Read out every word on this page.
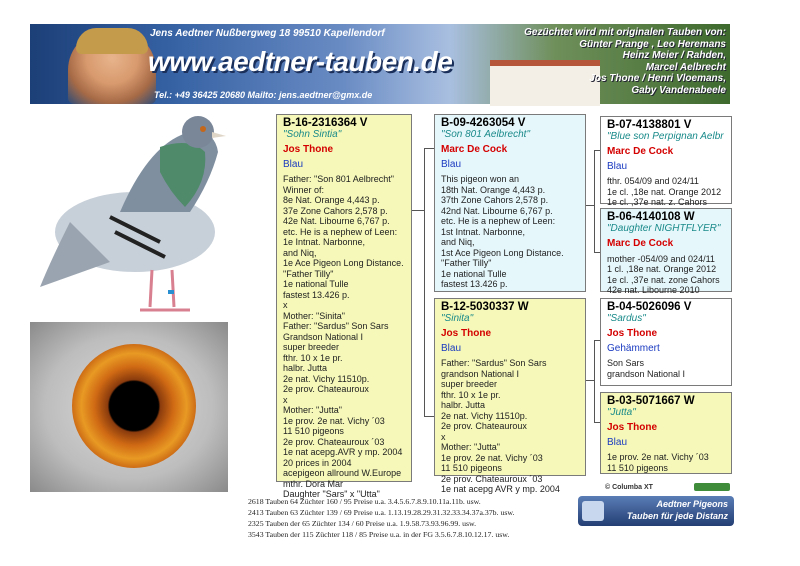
Jens Aedtner Nußbergweg 18 99510 Kapellendorf
www.aedtner-tauben.de
Tel.: +49 36425 20680 Mailto: jens.aedtner@gmx.de
Gezüchtet wird mit originalen Tauben von:
Günter Prange , Leo Heremans
Heinz Meier / Rahden,
Marcel Aelbrecht
Jos Thone / Henri Vloemans,
Gaby Vandenabeele
B-16-2316364 V
"Sohn Sintia"
Jos Thone
Blau
Father: "Son 801 Aelbrecht"
Winner of:
8e Nat. Orange 4,443 p.
37e Zone Cahors 2,578 p.
42e Nat. Libourne 6,767 p.
etc. He is a nephew of Leen:
1e Intnat. Narbonne,
and Niq,
1e Ace Pigeon Long Distance.
"Father Tilly"
1e national Tulle
fastest 13.426 p.
x
Mother: "Sinita"
Father: "Sardus" Son Sars
Grandson National I
super breeder
fthr. 10 x 1e pr.
halbr. Jutta
2e nat. Vichy 11510p.
2e prov. Chateauroux
x
Mother: "Jutta"
1e prov. 2e nat. Vichy ´03
11 510 pigeons
2e prov. Chateauroux ´03
1e nat acepg.AVR y mp. 2004
20 prices in 2004
acepigeon allround W.Europe
mthr. Dora Mar
Daughter "Sars" x "Utta"
B-09-4263054 V
"Son 801 Aelbrecht"
Marc De Cock
Blau
This pigeon won an
18th Nat. Orange 4,443 p.
37th Zone Cahors 2,578 p.
42nd Nat. Libourne 6,767 p.
etc. He is a nephew of Leen:
1st Intnat. Narbonne,
and Niq,
1st Ace Pigeon Long Distance.
"Father Tilly"
1e national Tulle
fastest 13.426 p.
B-12-5030337 W
"Sinita"
Jos Thone
Blau
Father: "Sardus" Son Sars
grandson National I
super breeder
fthr. 10 x 1e pr.
halbr. Jutta
2e nat. Vichy 11510p.
2e prov. Chateauroux
x
Mother: "Jutta"
1e prov. 2e nat. Vichy ´03
11 510 pigeons
2e prov. Chateauroux ´03
1e nat acepg AVR y mp. 2004
B-07-4138801 V
"Blue son Perpignan Aelbr
Marc De Cock
Blau
fthr. 054/09 and 024/11
1e cl. ,18e nat. Orange 2012
1e cl. ,37e nat. z. Cahors
B-06-4140108 W
"Daughter NIGHTFLYER"
Marc De Cock
mother -054/09 and 024/11
1 cl. ,18e nat. Orange 2012
1e cl. ,37e nat. zone Cahors
42e nat. Libourne 2010
B-04-5026096 V
"Sardus"
Jos Thone
Gehämmert
Son Sars
grandson National I
B-03-5071667 W
"Jutta"
Jos Thone
Blau
1e prov. 2e nat. Vichy ´03
11 510 pigeons
2618 Tauben 64 Züchter 160 / 95 Preise u.a. 3.4.5.6.7.8.9.10.11a.11b. usw.
2413 Tauben 63 Züchter 139 / 69 Preise u.a. 1.13.19.28.29.31.32.33.34.37a.37b. usw.
2325 Tauben der 65 Züchter 134 / 60 Preise u.a. 1.9.58.73.93.96.99. usw.
3543 Tauben der 115 Züchter 118 / 85 Preise u.a. in der FG 3.5.6.7.8.10.12.17. usw.
© Columba XT
Aedtner Pigeons
Tauben für jede Distanz
